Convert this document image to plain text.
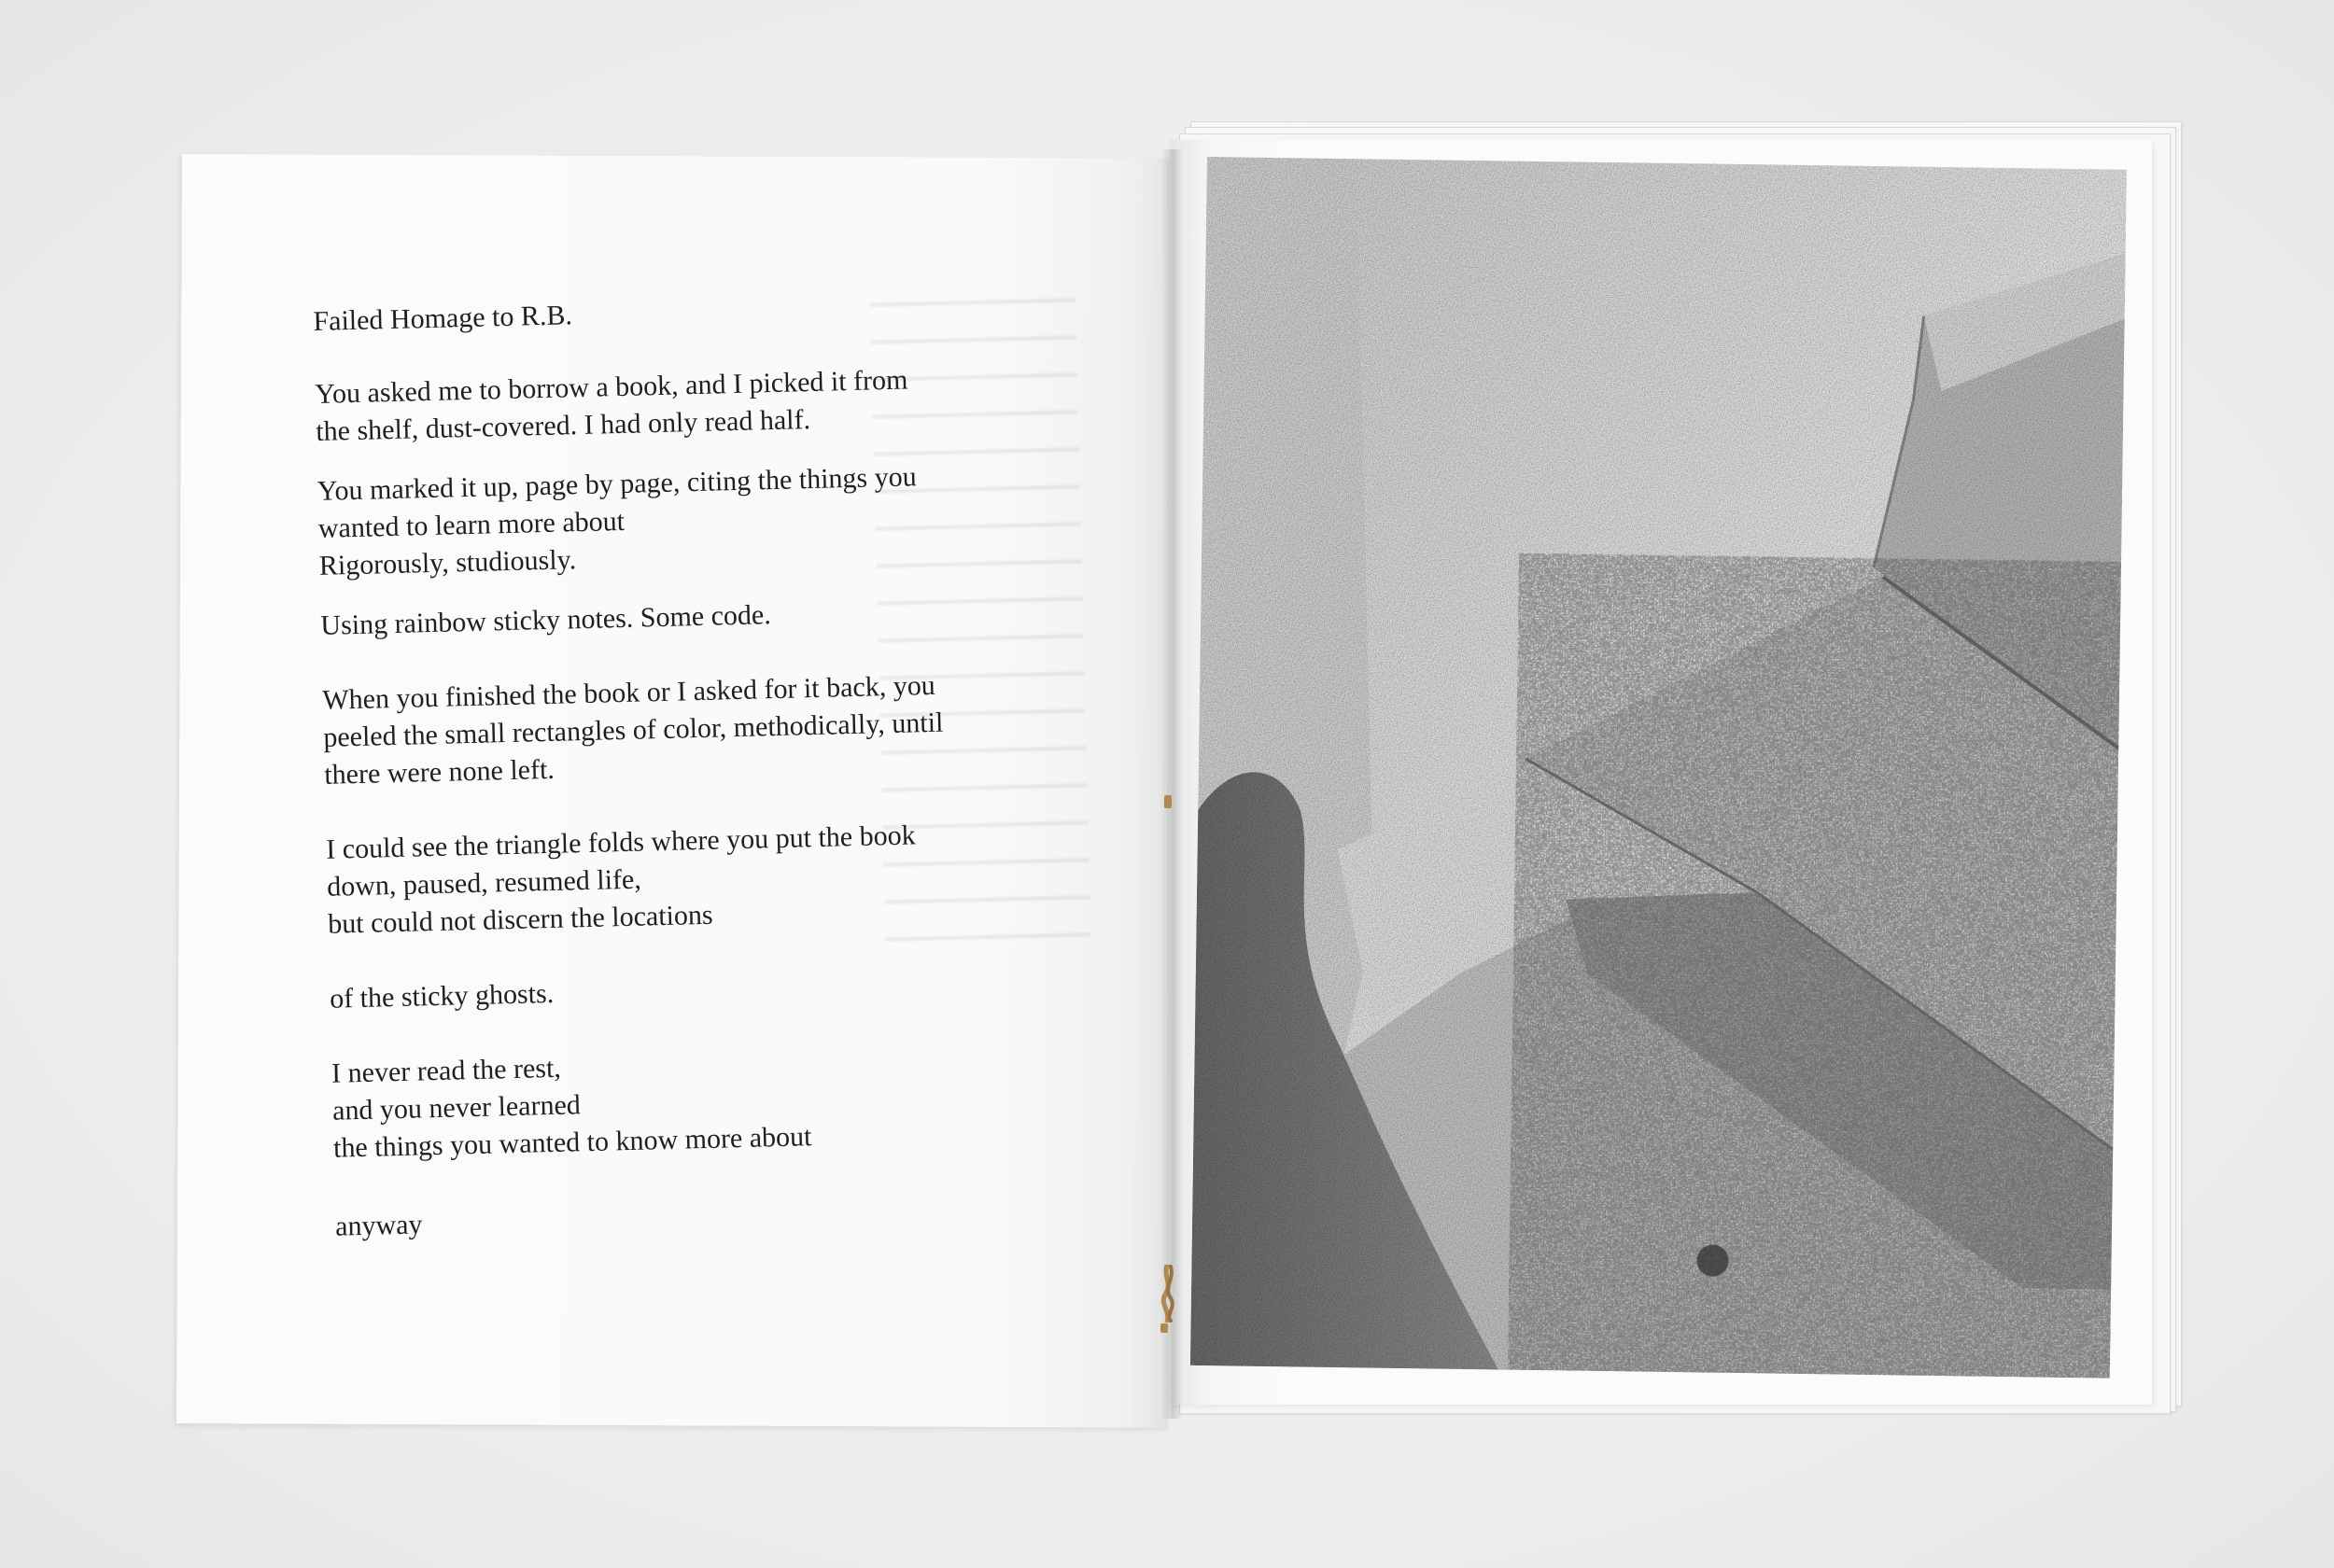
Failed Homage to R.B.
You asked me to borrow a book, and I picked it from
the shelf, dust-covered. I had only read half.
You marked it up, page by page, citing the things you
wanted to learn more about
Rigorously, studiously.
Using rainbow sticky notes. Some code.
When you finished the book or I asked for it back, you
peeled the small rectangles of color, methodically, until
there were none left.
I could see the triangle folds where you put the book
down, paused, resumed life,
but could not discern the locations
of the sticky ghosts.
I never read the rest,
and you never learned
the things you wanted to know more about
anyway
